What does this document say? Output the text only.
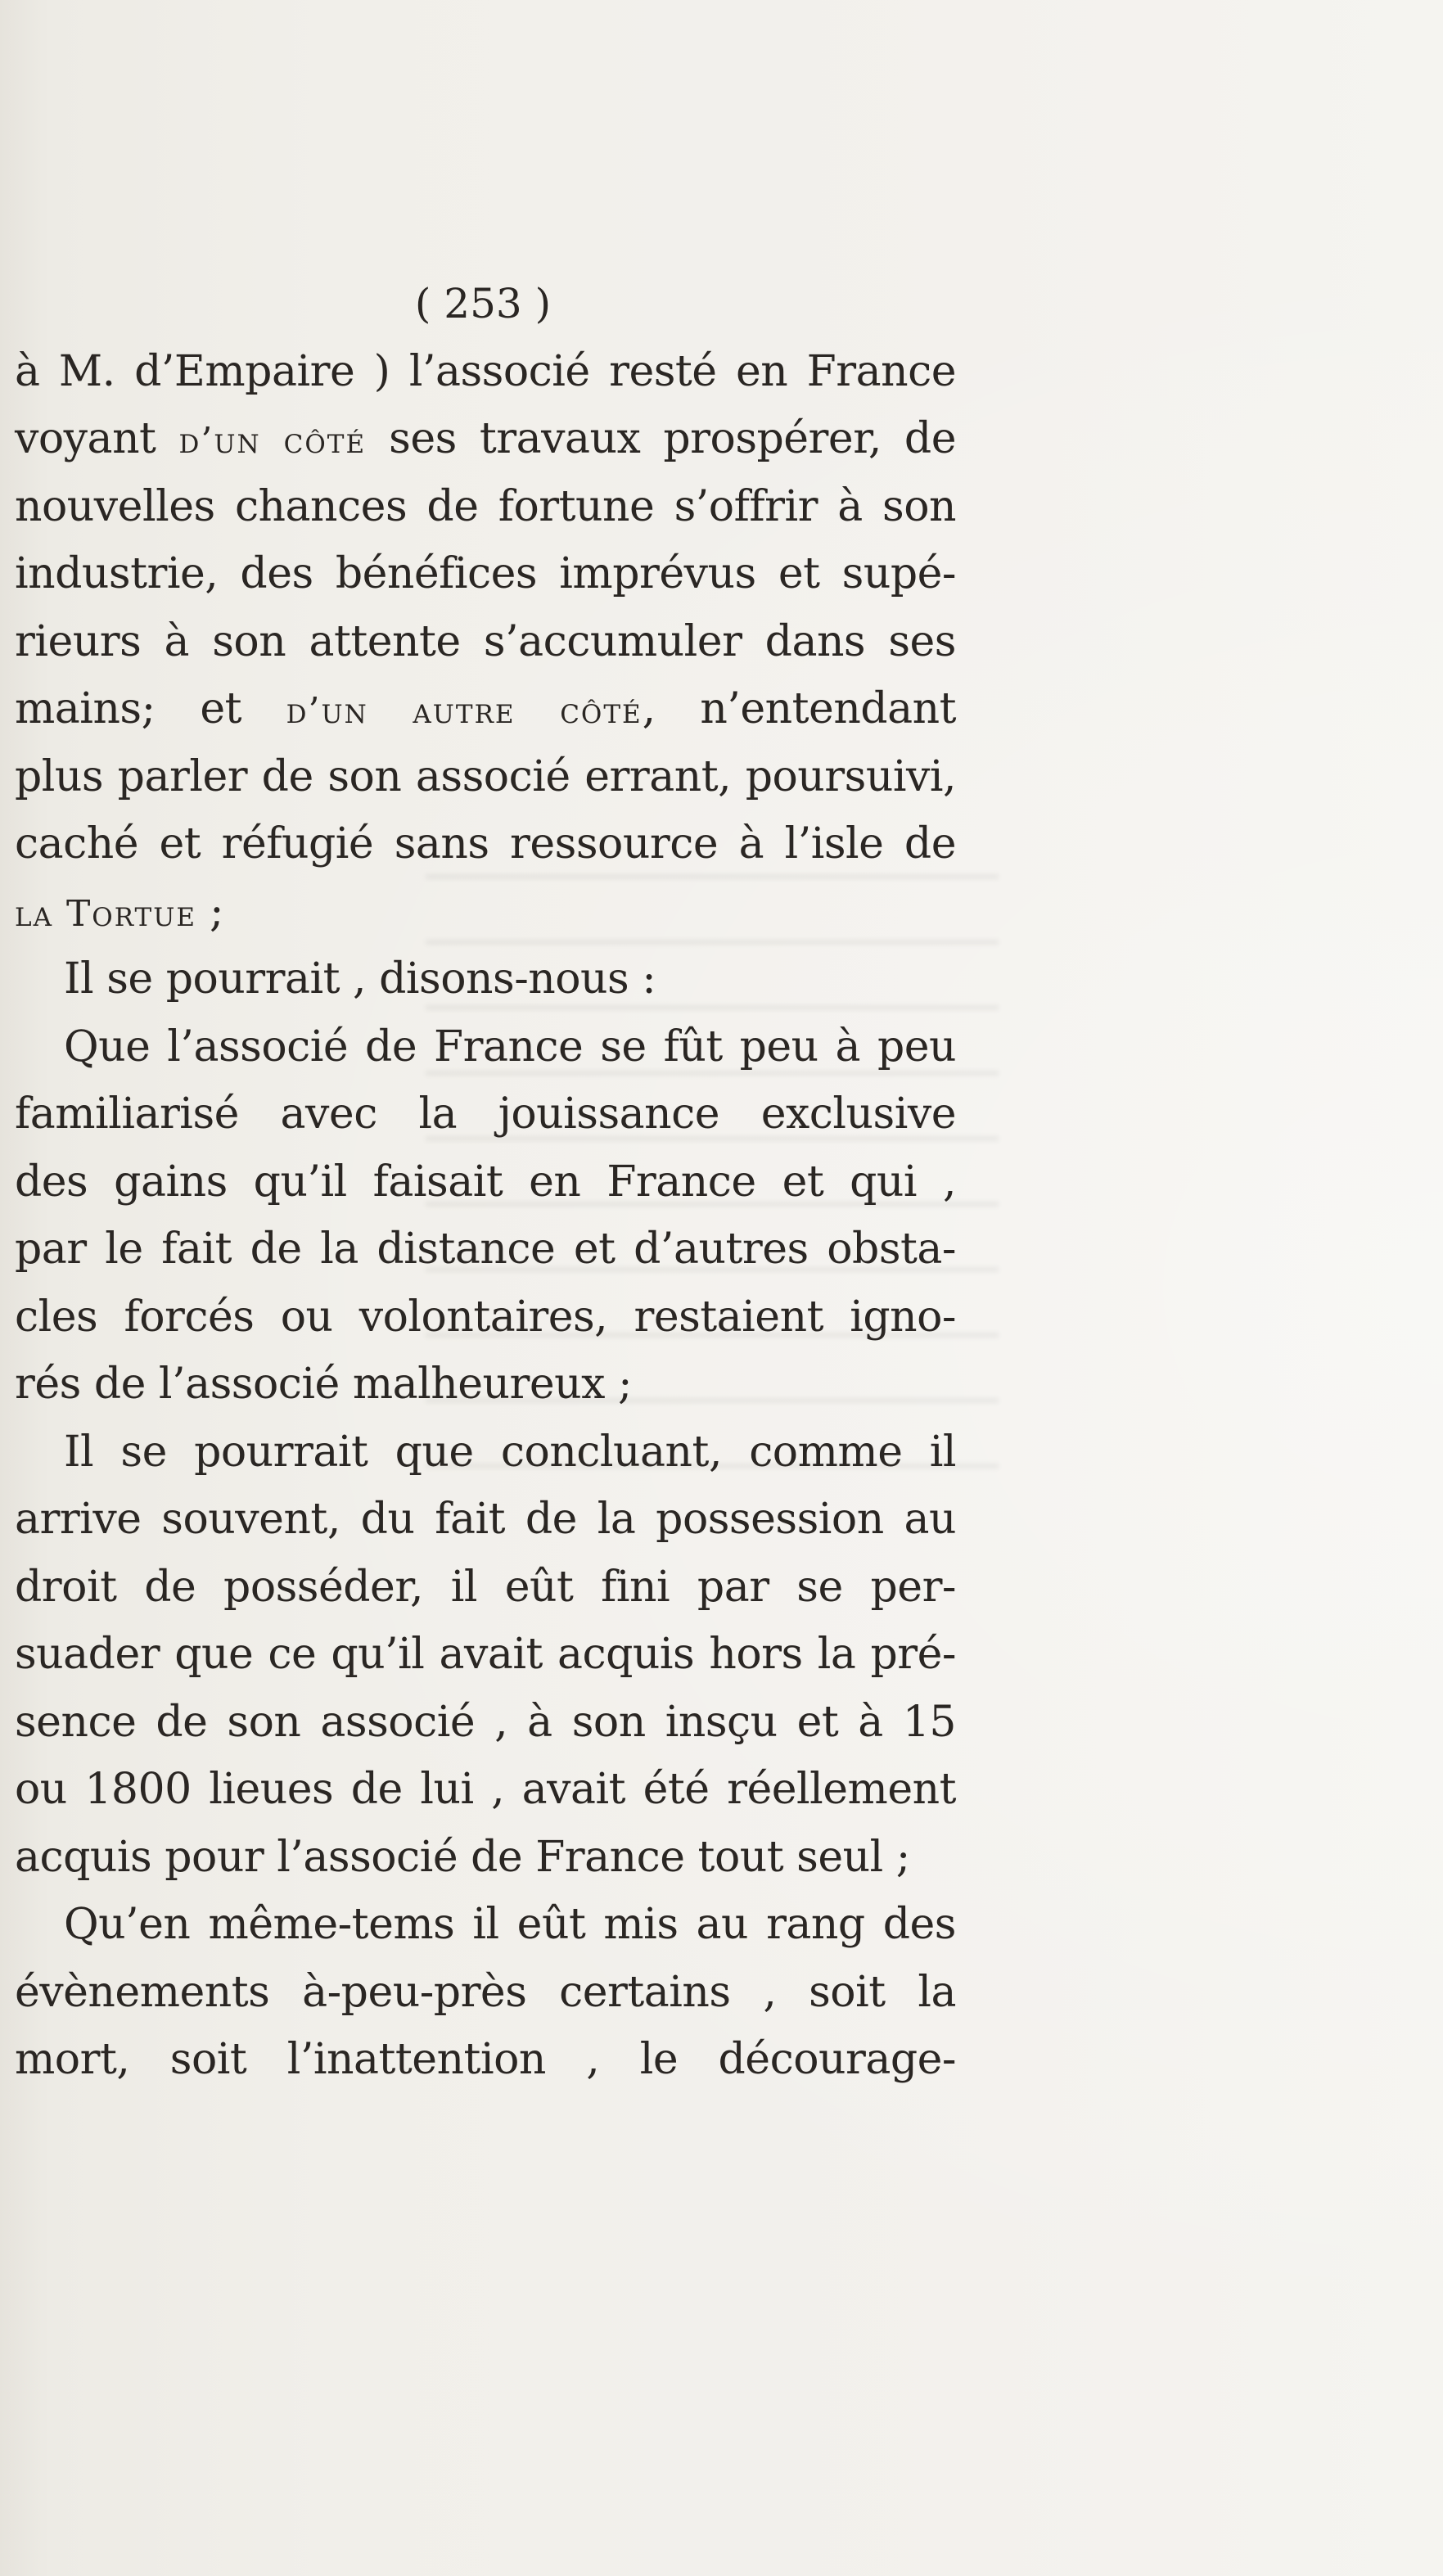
( 253 )
à M. d’Empaire ) l’associé resté en France
voyant d’un côté ses travaux prospérer, de
nouvelles chances de fortune s’offrir à son
industrie, des bénéfices imprévus et supé-
rieurs à son attente s’accumuler dans ses
mains; et d’un autre côté, n’entendant
plus parler de son associé errant, poursuivi,
caché et réfugié sans ressource à l’isle de
la Tortue ;
Il se pourrait , disons-nous :
Que l’associé de France se fût peu à peu
familiarisé avec la jouissance exclusive
des gains qu’il faisait en France et qui ,
par le fait de la distance et d’autres obsta-
cles forcés ou volontaires, restaient igno-
rés de l’associé malheureux ;
Il se pourrait que concluant, comme il
arrive souvent, du fait de la possession au
droit de posséder, il eût fini par se per-
suader que ce qu’il avait acquis hors la pré-
sence de son associé , à son insçu et à 15
ou 1800 lieues de lui , avait été réellement
acquis pour l’associé de France tout seul ;
Qu’en même-tems il eût mis au rang des
évènements à-peu-près certains , soit la
mort, soit l’inattention , le découragе-
